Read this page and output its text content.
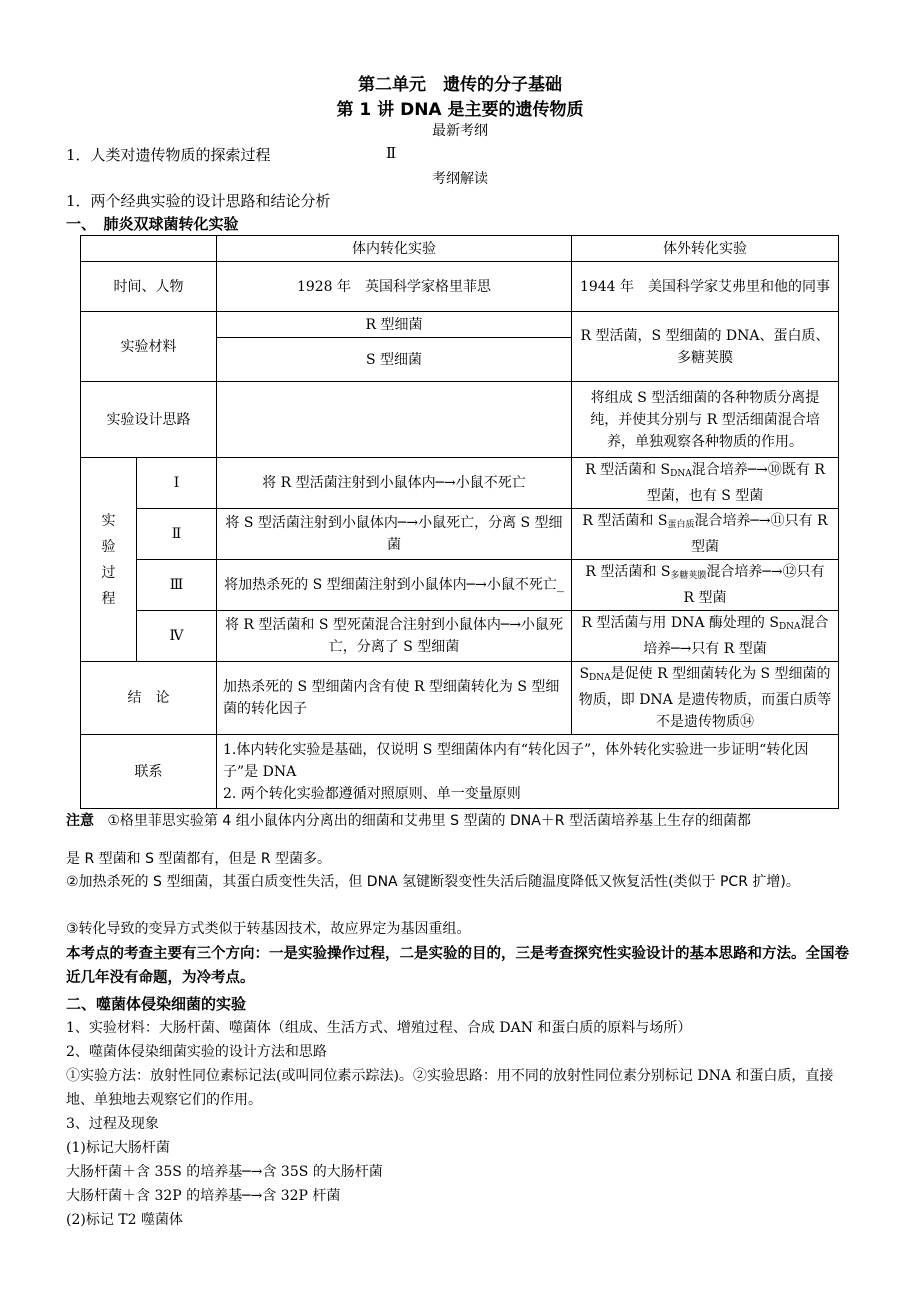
第二单元　遗传的分子基础
第 1 讲 DNA 是主要的遗传物质
最新考纲
1．人类对遗传物质的探索过程	Ⅱ
考纲解读
1．两个经典实验的设计思路和结论分析
一、　肺炎双球菌转化实验
		体内转化实验	体外转化实验
时间、人物		1928 年　英国科学家格里菲思	1944 年　美国科学家艾弗里和他的同事
实验材料		R 型细菌	R 型活菌，S 型细菌的 DNA、蛋白质、多糖荚膜
		S 型细菌	
实验设计思路			将组成 S 型活细菌的各种物质分离提纯，并使其分别与 R 型活细菌混合培养，单独观察各种物质的作用。

实验过程	Ⅰ	将 R 型活菌注射到小鼠体内─→小鼠不死亡	R 型活菌和 $S_{DNA}$混合培养─→⑩既有 R 型菌，也有 S 型菌
	Ⅱ	将 S 型活菌注射到小鼠体内─→小鼠死亡，分离 S 型细菌	R 型活菌和 $S_{蛋白质}$混合培养─→⑪只有 R 型菌
	Ⅲ	将加热杀死的 S 型细菌注射到小鼠体内─→小鼠不死亡_	R 型活菌和 $S_{多糖荚膜}$混合培养─→⑫只有 R 型菌
	Ⅳ	将 R 型活菌和 S 型死菌混合注射到小鼠体内─→小鼠死亡，分离了 S 型细菌	R 型活菌与用 DNA 酶处理的 $S_{DNA}$混合培养─→只有 R 型菌
结　论		加热杀死的 S 型细菌内含有使 R 型细菌转化为 S 型细菌的转化因子	$S_{DNA}$是促使 R 型细菌转化为 S 型细菌的物质，即 DNA 是遗传物质，而蛋白质等不是遗传物质⑭
联系		1.体内转化实验是基础，仅说明 S 型细菌体内有“转化因子”，体外转化实验进一步证明“转化因子”是 DNA
2. 两个转化实验都遵循对照原则、单一变量原则	
注意 ①格里菲思实验第 4 组小鼠体内分离出的细菌和艾弗里 S 型菌的 DNA＋R 型活菌培养基上生存的细菌都
是 R 型菌和 S 型菌都有，但是 R 型菌多。
②加热杀死的 S 型细菌，其蛋白质变性失活，但 DNA 氢键断裂变性失活后随温度降低又恢复活性(类似于 PCR 扩增)。
③转化导致的变异方式类似于转基因技术，故应界定为基因重组。
本考点的考查主要有三个方向：一是实验操作过程，二是实验的目的，三是考查探究性实验设计的基本思路和方法。全国卷近几年没有命题，为冷考点。
二、噬菌体侵染细菌的实验
1、实验材料：大肠杆菌、噬菌体（组成、生活方式、增殖过程、合成 DAN 和蛋白质的原料与场所）
2、噬菌体侵染细菌实验的设计方法和思路
①实验方法：放射性同位素标记法(或叫同位素示踪法)。②实验思路：用不同的放射性同位素分别标记 DNA 和蛋白质，直接地、单独地去观察它们的作用。
3、过程及现象
(1)标记大肠杆菌
大肠杆菌＋含 35S 的培养基─→含 35S 的大肠杆菌
大肠杆菌＋含 32P 的培养基─→含 32P 杆菌
(2)标记 T2 噬菌体
